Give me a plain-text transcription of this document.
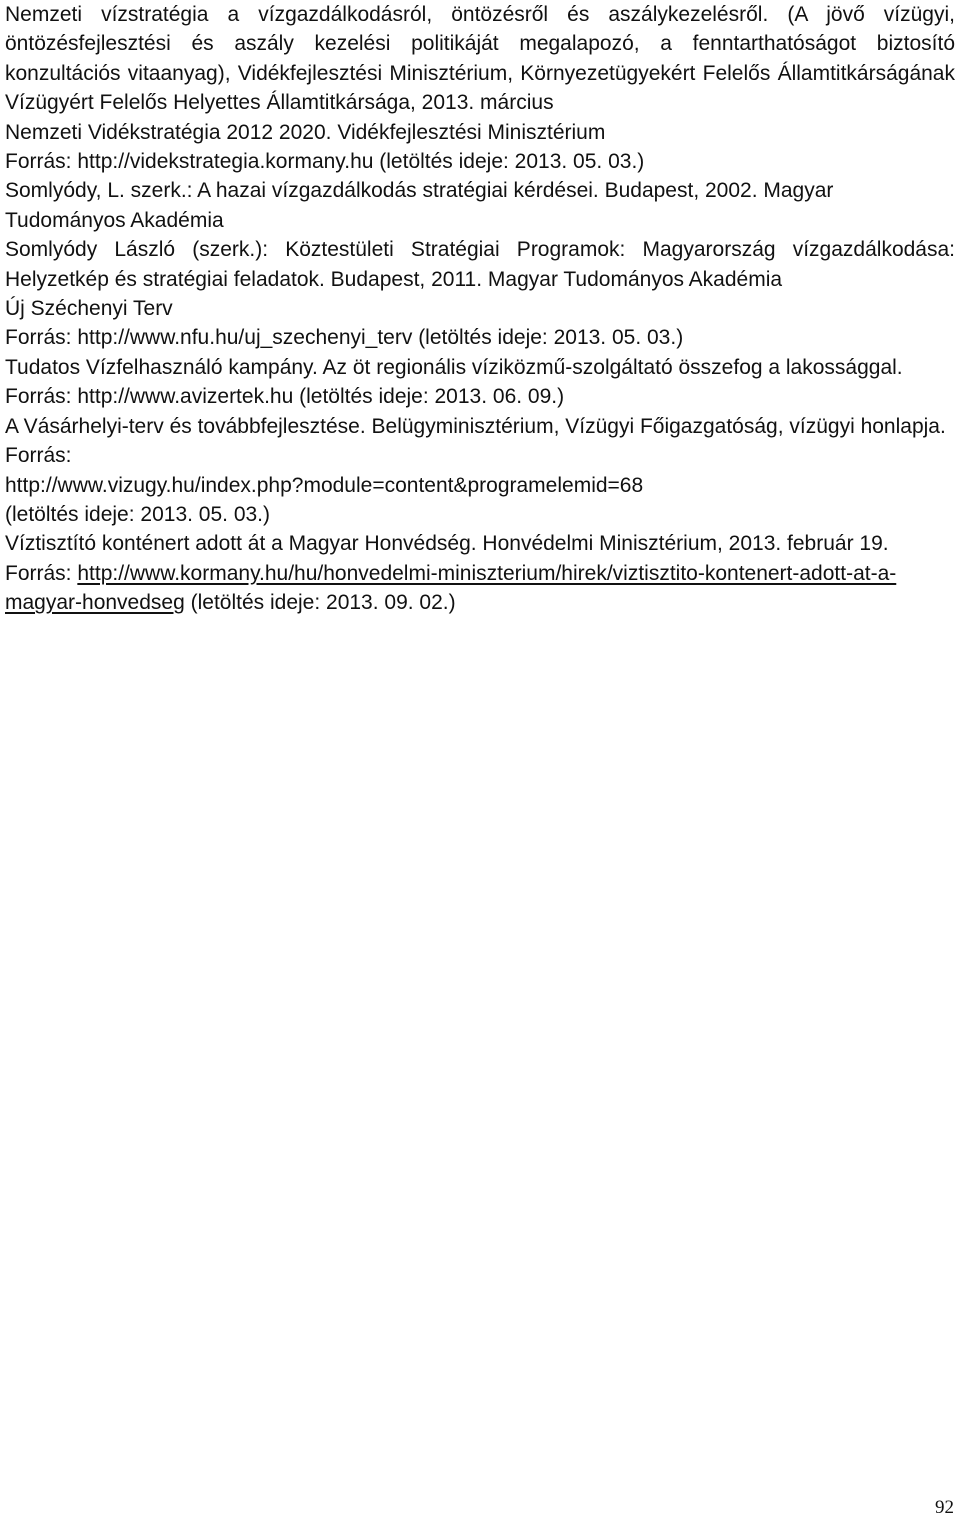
Nemzeti vízstratégia a vízgazdálkodásról, öntözésről és aszálykezelésről. (A jövő vízügyi, öntözésfejlesztési és aszály kezelési politikáját megalapozó, a fenntarthatóságot biztosító konzultációs vitaanyag), Vidékfejlesztési Minisztérium, Környezetügyekért Felelős Államtitkárságának Vízügyért Felelős Helyettes Államtitkársága, 2013. március

Nemzeti Vidékstratégia 2012 2020. Vidékfejlesztési Minisztérium

Forrás: http://videkstrategia.kormany.hu (letöltés ideje: 2013. 05. 03.)

Somlyódy, L. szerk.: A hazai vízgazdálkodás stratégiai kérdései. Budapest, 2002. Magyar Tudományos Akadémia

Somlyódy László (szerk.): Köztestületi Stratégiai Programok: Magyarország vízgazdálkodása: Helyzetkép és stratégiai feladatok. Budapest, 2011. Magyar Tudományos Akadémia

Új Széchenyi Terv

Forrás: http://www.nfu.hu/uj_szechenyi_terv (letöltés ideje: 2013. 05. 03.)

Tudatos Vízfelhasználó kampány. Az öt regionális víziközmű-szolgáltató összefog a lakossággal. Forrás: http://www.avizertek.hu (letöltés ideje: 2013. 06. 09.)

A Vásárhelyi-terv és továbbfejlesztése. Belügyminisztérium, Vízügyi Főigazgatóság, vízügyi honlapja. Forrás:

http://www.vizugy.hu/index.php?module=content&programelemid=68

(letöltés ideje: 2013. 05. 03.)

Víztisztító konténert adott át a Magyar Honvédség. Honvédelmi Minisztérium, 2013. február 19.

Forrás: http://www.kormany.hu/hu/honvedelmi-miniszterium/hirek/viztisztito-kontenert-adott-at-a-magyar-honvedseg (letöltés ideje: 2013. 09. 02.)

92
